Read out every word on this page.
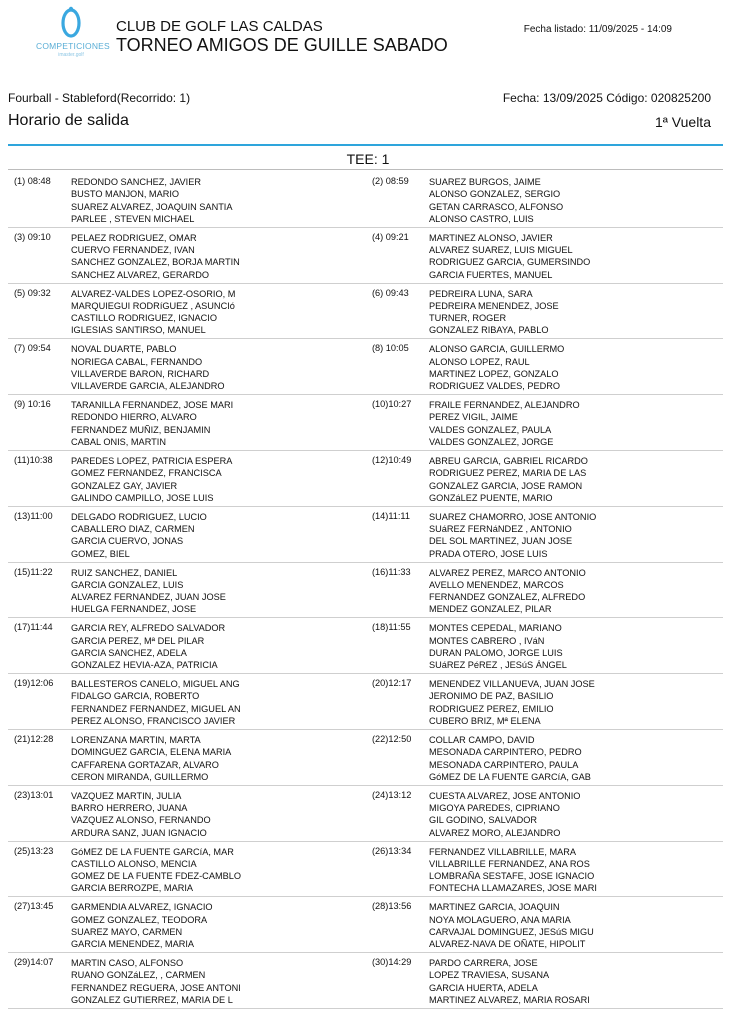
COMPETICIONES
imaster.golf
CLUB DE GOLF LAS CALDAS
TORNEO AMIGOS DE GUILLE SABADO
Fecha listado: 11/09/2025 - 14:09
Fourball - Stableford(Recorrido: 1)	Fecha: 13/09/2025 Código: 020825200
Horario de salida	1ª Vuelta
TEE: 1
(1) 08:48	REDONDO SANCHEZ, JAVIER
BUSTO MANJON, MARIO
SUAREZ ALVAREZ, JOAQUIN SANTIA
PARLEE , STEVEN MICHAEL
(2) 08:59	SUAREZ BURGOS, JAIME
ALONSO GONZALEZ, SERGIO
GETAN CARRASCO, ALFONSO
ALONSO CASTRO, LUIS
(3) 09:10	PELAEZ RODRIGUEZ, OMAR
CUERVO FERNANDEZ, IVAN
SANCHEZ GONZALEZ, BORJA MARTIN
SANCHEZ ALVAREZ, GERARDO
(4) 09:21	MARTINEZ ALONSO, JAVIER
ALVAREZ SUAREZ, LUIS MIGUEL
RODRIGUEZ GARCIA, GUMERSINDO
GARCIA FUERTES, MANUEL
(5) 09:32	ALVAREZ-VALDES LOPEZ-OSORIO, M
MARQUIEGUI RODRíGUEZ , ASUNCIó
CASTILLO RODRIGUEZ, IGNACIO
IGLESIAS SANTIRSO, MANUEL
(6) 09:43	PEDREIRA LUNA, SARA
PEDREIRA MENENDEZ, JOSE
TURNER, ROGER
GONZALEZ RIBAYA, PABLO
(7) 09:54	NOVAL DUARTE, PABLO
NORIEGA CABAL, FERNANDO
VILLAVERDE BARON, RICHARD
VILLAVERDE GARCIA, ALEJANDRO
(8) 10:05	ALONSO GARCIA, GUILLERMO
ALONSO LOPEZ, RAUL
MARTINEZ LOPEZ, GONZALO
RODRIGUEZ VALDES, PEDRO
(9) 10:16	TARANILLA FERNANDEZ, JOSE MARI
REDONDO HIERRO, ALVARO
FERNANDEZ MUÑIZ, BENJAMIN
CABAL ONIS, MARTIN
(10)10:27	FRAILE FERNANDEZ, ALEJANDRO
PEREZ VIGIL, JAIME
VALDES GONZALEZ, PAULA
VALDES GONZALEZ, JORGE
(11)10:38	PAREDES LOPEZ, PATRICIA ESPERA
GOMEZ FERNANDEZ, FRANCISCA
GONZALEZ GAY, JAVIER
GALINDO CAMPILLO, JOSE LUIS
(12)10:49	ABREU GARCIA, GABRIEL RICARDO
RODRIGUEZ PEREZ, MARIA DE LAS
GONZALEZ GARCIA, JOSE RAMON
GONZáLEZ PUENTE, MARIO
(13)11:00	DELGADO RODRIGUEZ, LUCIO
CABALLERO DIAZ, CARMEN
GARCIA CUERVO, JONAS
GOMEZ, BIEL
(14)11:11	SUAREZ CHAMORRO, JOSE ANTONIO
SUáREZ FERNáNDEZ , ANTONIO
DEL SOL MARTINEZ, JUAN JOSE
PRADA OTERO, JOSE LUIS
(15)11:22	RUIZ SANCHEZ, DANIEL
GARCIA GONZALEZ, LUIS
ALVAREZ FERNANDEZ, JUAN JOSE
HUELGA FERNANDEZ, JOSE
(16)11:33	ALVAREZ PEREZ, MARCO ANTONIO
AVELLO MENENDEZ, MARCOS
FERNANDEZ GONZALEZ, ALFREDO
MENDEZ GONZALEZ, PILAR
(17)11:44	GARCIA REY, ALFREDO SALVADOR
GARCIA PEREZ, Mª DEL PILAR
GARCIA SANCHEZ, ADELA
GONZALEZ HEVIA-AZA, PATRICIA
(18)11:55	MONTES CEPEDAL, MARIANO
MONTES CABRERO , IVáN
DURAN PALOMO, JORGE LUIS
SUáREZ PéREZ , JESúS ÁNGEL
(19)12:06	BALLESTEROS CANELO, MIGUEL ANG
FIDALGO GARCIA, ROBERTO
FERNANDEZ FERNANDEZ, MIGUEL AN
PEREZ ALONSO, FRANCISCO JAVIER
(20)12:17	MENENDEZ VILLANUEVA, JUAN JOSE
JERONIMO DE PAZ, BASILIO
RODRIGUEZ PEREZ, EMILIO
CUBERO BRIZ, Mª ELENA
(21)12:28	LORENZANA MARTIN, MARTA
DOMINGUEZ GARCIA, ELENA MARIA
CAFFARENA GORTAZAR, ALVARO
CERON MIRANDA, GUILLERMO
(22)12:50	COLLAR CAMPO, DAVID
MESONADA CARPINTERO, PEDRO
MESONADA CARPINTERO, PAULA
GóMEZ DE LA FUENTE GARCíA, GAB
(23)13:01	VAZQUEZ MARTIN, JULIA
BARRO HERRERO, JUANA
VAZQUEZ ALONSO, FERNANDO
ARDURA SANZ, JUAN IGNACIO
(24)13:12	CUESTA ALVAREZ, JOSE ANTONIO
MIGOYA PAREDES, CIPRIANO
GIL GODINO, SALVADOR
ALVAREZ MORO, ALEJANDRO
(25)13:23	GóMEZ DE LA FUENTE GARCíA, MAR
CASTILLO ALONSO, MENCIA
GOMEZ DE LA FUENTE FDEZ-CAMBLO
GARCIA BERROZPE, MARIA
(26)13:34	FERNANDEZ VILLABRILLE, MARA
VILLABRILLE FERNANDEZ, ANA ROS
LOMBRAÑA SESTAFE, JOSE IGNACIO
FONTECHA LLAMAZARES, JOSE MARI
(27)13:45	GARMENDIA ALVAREZ, IGNACIO
GOMEZ GONZALEZ, TEODORA
SUAREZ MAYO, CARMEN
GARCIA MENENDEZ, MARIA
(28)13:56	MARTINEZ GARCIA, JOAQUIN
NOYA MOLAGUERO, ANA MARIA
CARVAJAL DOMINGUEZ, JESúS MIGU
ALVAREZ-NAVA DE OÑATE, HIPOLIT
(29)14:07	MARTIN CASO, ALFONSO
RUANO GONZáLEZ, , CARMEN
FERNANDEZ REGUERA, JOSE ANTONI
GONZALEZ GUTIERREZ, MARIA DE L
(30)14:29	PARDO CARRERA, JOSE
LOPEZ TRAVIESA, SUSANA
GARCIA HUERTA, ADELA
MARTINEZ ALVAREZ, MARIA ROSARI
